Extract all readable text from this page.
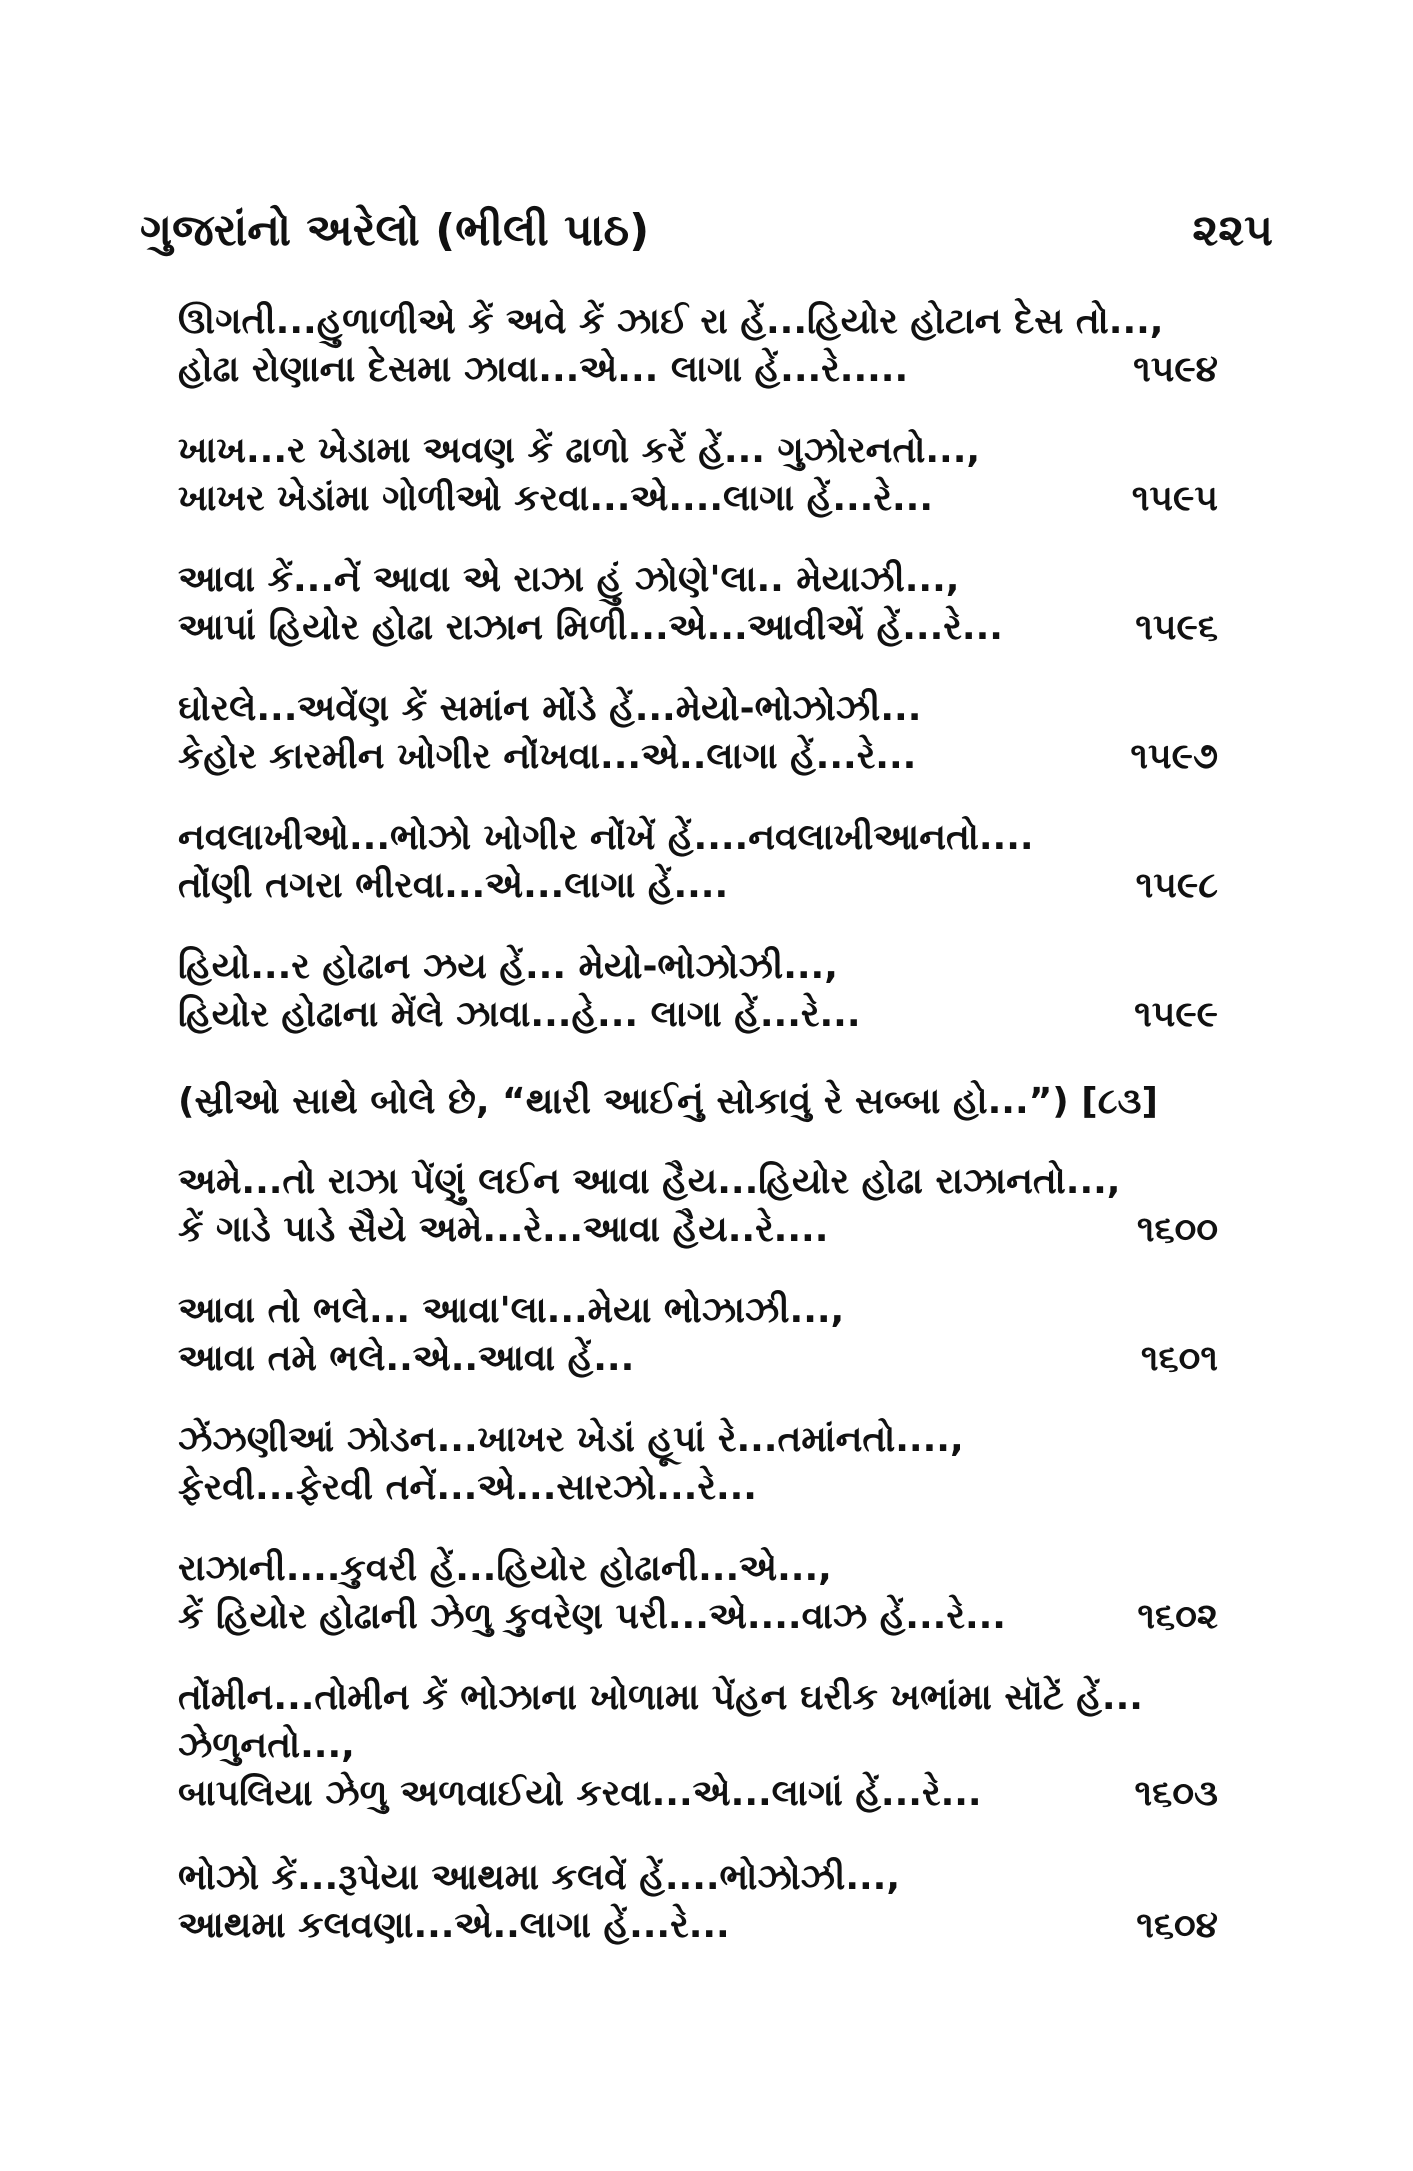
ગુજરાંનો અરેલો (ભીલી પાઠ)	૨૨૫
ઊગતી...હુળાળીએ કેં અવે કેં ઝાઈ રા હેં...હિયોર હોટાન દેસ તો...,
હોઢા રોણાના દેસમા ઝાવા...એ... લાગા હેં...રે.....	૧૫૯૪
ખાખ...ર ખેડામા અવણ કેં ઢાળો કરેં હેં... ગુઝોરનતો...,
ખાખર ખેડાંમા ગોળીઓ કરવા...એ....લાગા હેં...રે...	૧૫૯૫
આવા કેં...નેં આવા એ રાઝા હું ઝોણે'લા.. મેયાઝી...,
આપાં હિયોર હોઢા રાઝાન મિળી...એ...આવીએં હેં...રે...	૧૫૯૬
ઘોરલે...અવેંણ કેં સમાંન મોંડે હેં...મેયો-ભોઝોઝી...
કેહોર કારમીન ખોગીર નોંખવા...એ..લાગા હેં...રે...	૧૫૯૭
નવલાખીઓ...ભોઝો ખોગીર નોંખેં હેં....નવલાખીઆનતો....
તોંણી તગરા ભીરવા...એ...લાગા હેં....	૧૫૯૮
હિયો...ર હોઢાન ઝય હેં... મેયો-ભોઝોઝી...,
હિયોર હોઢાના મેંલે ઝાવા...હે... લાગા હેં...રે...	૧૫૯૯
(સ્રીઓ સાથે બોલે છે, “થારી આઈનું સોકાવું રે સબ્બા હો...”) [૮૩]
અમે...તો રાઝા પેંણું લઈન આવા હૈય...હિયોર હોઢા રાઝાનતો...,
કેં ગાડે પાડે સૈયે અમે...રે...આવા હૈય..રે....	૧૬૦૦
આવા તો ભલે... આવા'લા...મેયા ભોઝાઝી...,
આવા તમે ભલે..એ..આવા હેં...	૧૬૦૧
ઝેંઝણીઆં ઝોડન...ખાખર ખેડાં હૂપાં રે...તમાંનતો....,
ફેરવી...ફેરવી તનેં...એ...સારઝો...રે...
રાઝાની....કુવરી હેં...હિયોર હોઢાની...એ...,
કેં હિયોર હોઢાની ઝેળુ કુવરેણ પરી...એ....વાઝ હેં...રે...	૧૬૦૨
તોંમીન...તોમીન કેં ભોઝાના ખોળામા પેંહન ઘરીક ખભાંમા સૉટેં હેં...
ઝેળુનતો...,
બાપલિયા ઝેળુ અળવાઈયો કરવા...એ...લાગાં હેં...રે...	૧૬૦૩
ભોઝો કેં...રૂપેયા આથમા કલવેં હેં....ભોઝોઝી...,
આથમા કલવણા...એ..લાગા હેં...રે...	૧૬૦૪
